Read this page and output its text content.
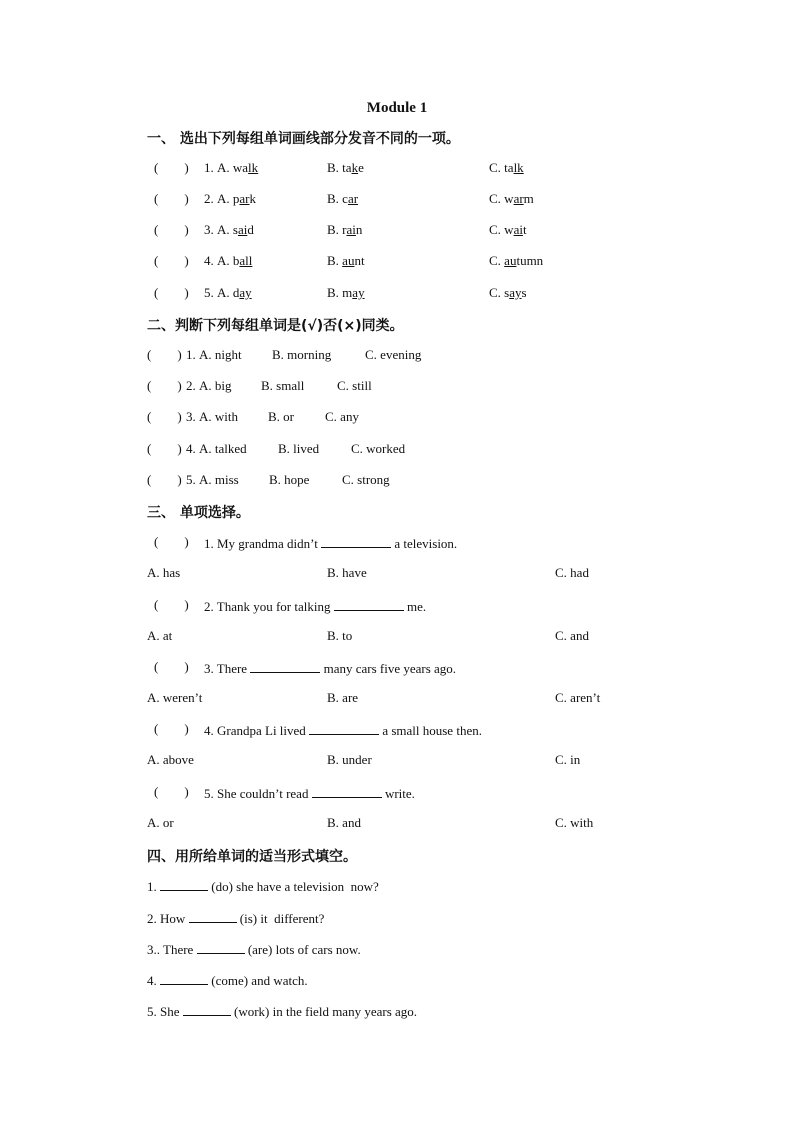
Module 1
一、 选出下列每组单词画线部分发音不同的一项。
(        ) 1. A. walk	B. take	C. talk
(        ) 2. A. park	B. car	C. warm
(        ) 3. A. said	B. rain	C. wait
(        ) 4. A. ball	B. aunt	C. autumn
(        ) 5. A. day	B. may	C. says
二、判断下列每组单词是(√)否(×)同类。
(        ) 1. A. night B. morning	C. evening
(        ) 2. A. big B. small	C. still
(        ) 3. A. with B. or C. any
(        ) 4. A. talked B. lived C. worked
(        ) 5. A. miss B. hope	C. strong
三、 单项选择。
(        ) 1. My grandma didn’t	a television.
A. has	B. have	C. had
(        ) 2. Thank you for talking	me.
A. at	B. to	C. and
(        ) 3. There	many cars five years ago.
A. weren’t	B. are	C. aren’t
(        ) 4. Grandpa Li lived	a small house then.
A. above	B. under	C. in
(        ) 5. She couldn’t read	write.
A. or	B. and	C. with
四、用所给单词的适当形式填空。
1.	(do) she have a television  now?
2. How	(is) it  different?
3.. There	(are) lots of cars now.
4.	(come) and watch.
5. She	(work) in the field many years ago.
